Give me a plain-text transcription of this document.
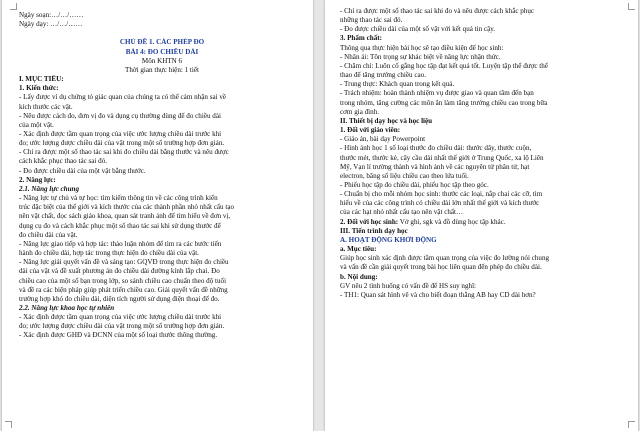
Ngày soạn:…/…/……
Ngày dạy: …/…/……
CHỦ ĐỀ 1. CÁC PHÉP ĐO
BÀI 4: ĐO CHIỀU DÀI
Môn KHTN 6
Thời gian thực hiện: 1 tiết
I. MỤC TIÊU:
1. Kiến thức:
- Lấy được ví dụ chứng tỏ giác quan của chúng ta có thể cảm nhận sai về
kích thước các vật.
- Nêu được cách đo, đơn vị đo và dụng cụ thường dùng để đo chiều dài
của một vật.
- Xác định được tầm quan trọng của việc ước lượng chiều dài trước khi
đo; ước lượng được chiều dài của vật trong một số trường hợp đơn giản.
- Chỉ ra được một số thao tác sai khi đo chiều dài bằng thước và nêu được
cách khắc phục thao tác sai đó.
- Đo được chiều dài của một vật bằng thước.
2. Năng lực:
2.1. Năng lực chung
- Năng lực tự chủ và tự học: tìm kiếm thông tin về các công trình kiến
trúc đặc biệt của thế giới và kích thước của các thành phần nhỏ nhất cấu tạo
nên vật chất, đọc sách giáo khoa, quan sát tranh ảnh để tìm hiểu về đơn vị,
dụng cụ đo và cách khắc phục một số thao tác sai khi sử dụng thước để
đo chiều dài của vật.
- Năng lực giao tiếp và hợp tác: thảo luận nhóm để tìm ra các bước tiến
hành đo chiều dài, hợp tác trong thực hiện đo chiều dài của vật.
- Năng lực giải quyết vấn đề và sáng tạo: GQVĐ trong thực hiện đo chiều
dài của vật và đề xuất phương án đo chiều dài đường kính lắp chai. Đo
chiều cao của một số bạn trong lớp, so sánh chiều cao chuẩn theo độ tuổi
và đề ra các biện pháp giúp phát triển chiều cao. Giải quyết vấn đề những
trường hợp khó đo chiều dài, diện tích người sử dụng điện thoại để đo.
2.2. Năng lực khoa học tự nhiên
- Xác định được tầm quan trọng của việc ước lượng chiều dài trước khi
đo; ước lượng được chiều dài của vật trong một số trường hợp đơn giản.
- Xác định được GHĐ và ĐCNN của một số loại thước thông thường.
- Chỉ ra được một số thao tác sai khi đo và nêu được cách khắc phục
những thao tác sai đó.
- Đo được chiều dài của một số vật với kết quả tin cậy.
3. Phẩm chất:
Thông qua thực hiện bài học sẽ tạo điều kiện để học sinh:
- Nhân ái: Tôn trọng sự khác biệt về năng lực nhận thức.
- Chăm chỉ: Luôn cố gắng học tập đạt kết quả tốt. Luyện tập thể được thể
thao để tăng trưởng chiều cao.
- Trung thực: Khách quan trong kết quả.
- Trách nhiệm: hoàn thành nhiệm vụ được giao và quan tâm đến bạn
trong nhóm, tăng cường các môn ăn làm tăng trưởng chiều cao trong bữa
cơm gia đình.
II. Thiết bị dạy học và học liệu
1. Đối với giáo viên:
- Giáo án, bài dạy Powerpoint
- Hình ảnh học 1 số loại thước đo chiều dài: thước dây, thước cuộn,
thước mét, thước kẻ, cây cầu dài nhất thế giới ở Trung Quốc, xa lộ Liên
Mỹ, Vạn lí trường thành và hình ảnh về các nguyên tử phân tử, hạt
electron, băng số liệu chiều cao theo lứa tuổi.
- Phiếu học tập đo chiều dài, phiếu học tập theo góc.
- Chuẩn bị cho mỗi nhóm học sinh: thước các loại, nắp chai các cỡ, tìm
hiểu về của các công trình có chiều dài lớn nhất thế giới và kích thước
của các hạt nhỏ nhất cấu tạo nên vật chất…
2. Đối với học sinh: Vở ghi, sgk và đồ dùng học tập khác.
III. Tiến trình dạy học
A. HOẠT ĐỘNG KHỞI ĐỘNG
a. Mục tiêu:
Giúp học sinh xác định được tầm quan trọng của việc đo lường nói chung
và vấn đề cần giải quyết trong bài học liên quan đến phép đo chiều dài.
b. Nội dung:
GV nêu 2 tình huống có vấn đề để HS suy nghĩ:
- TH1: Quan sát hình vẽ và cho biết đoạn thẳng AB hay CD dài hơn?
